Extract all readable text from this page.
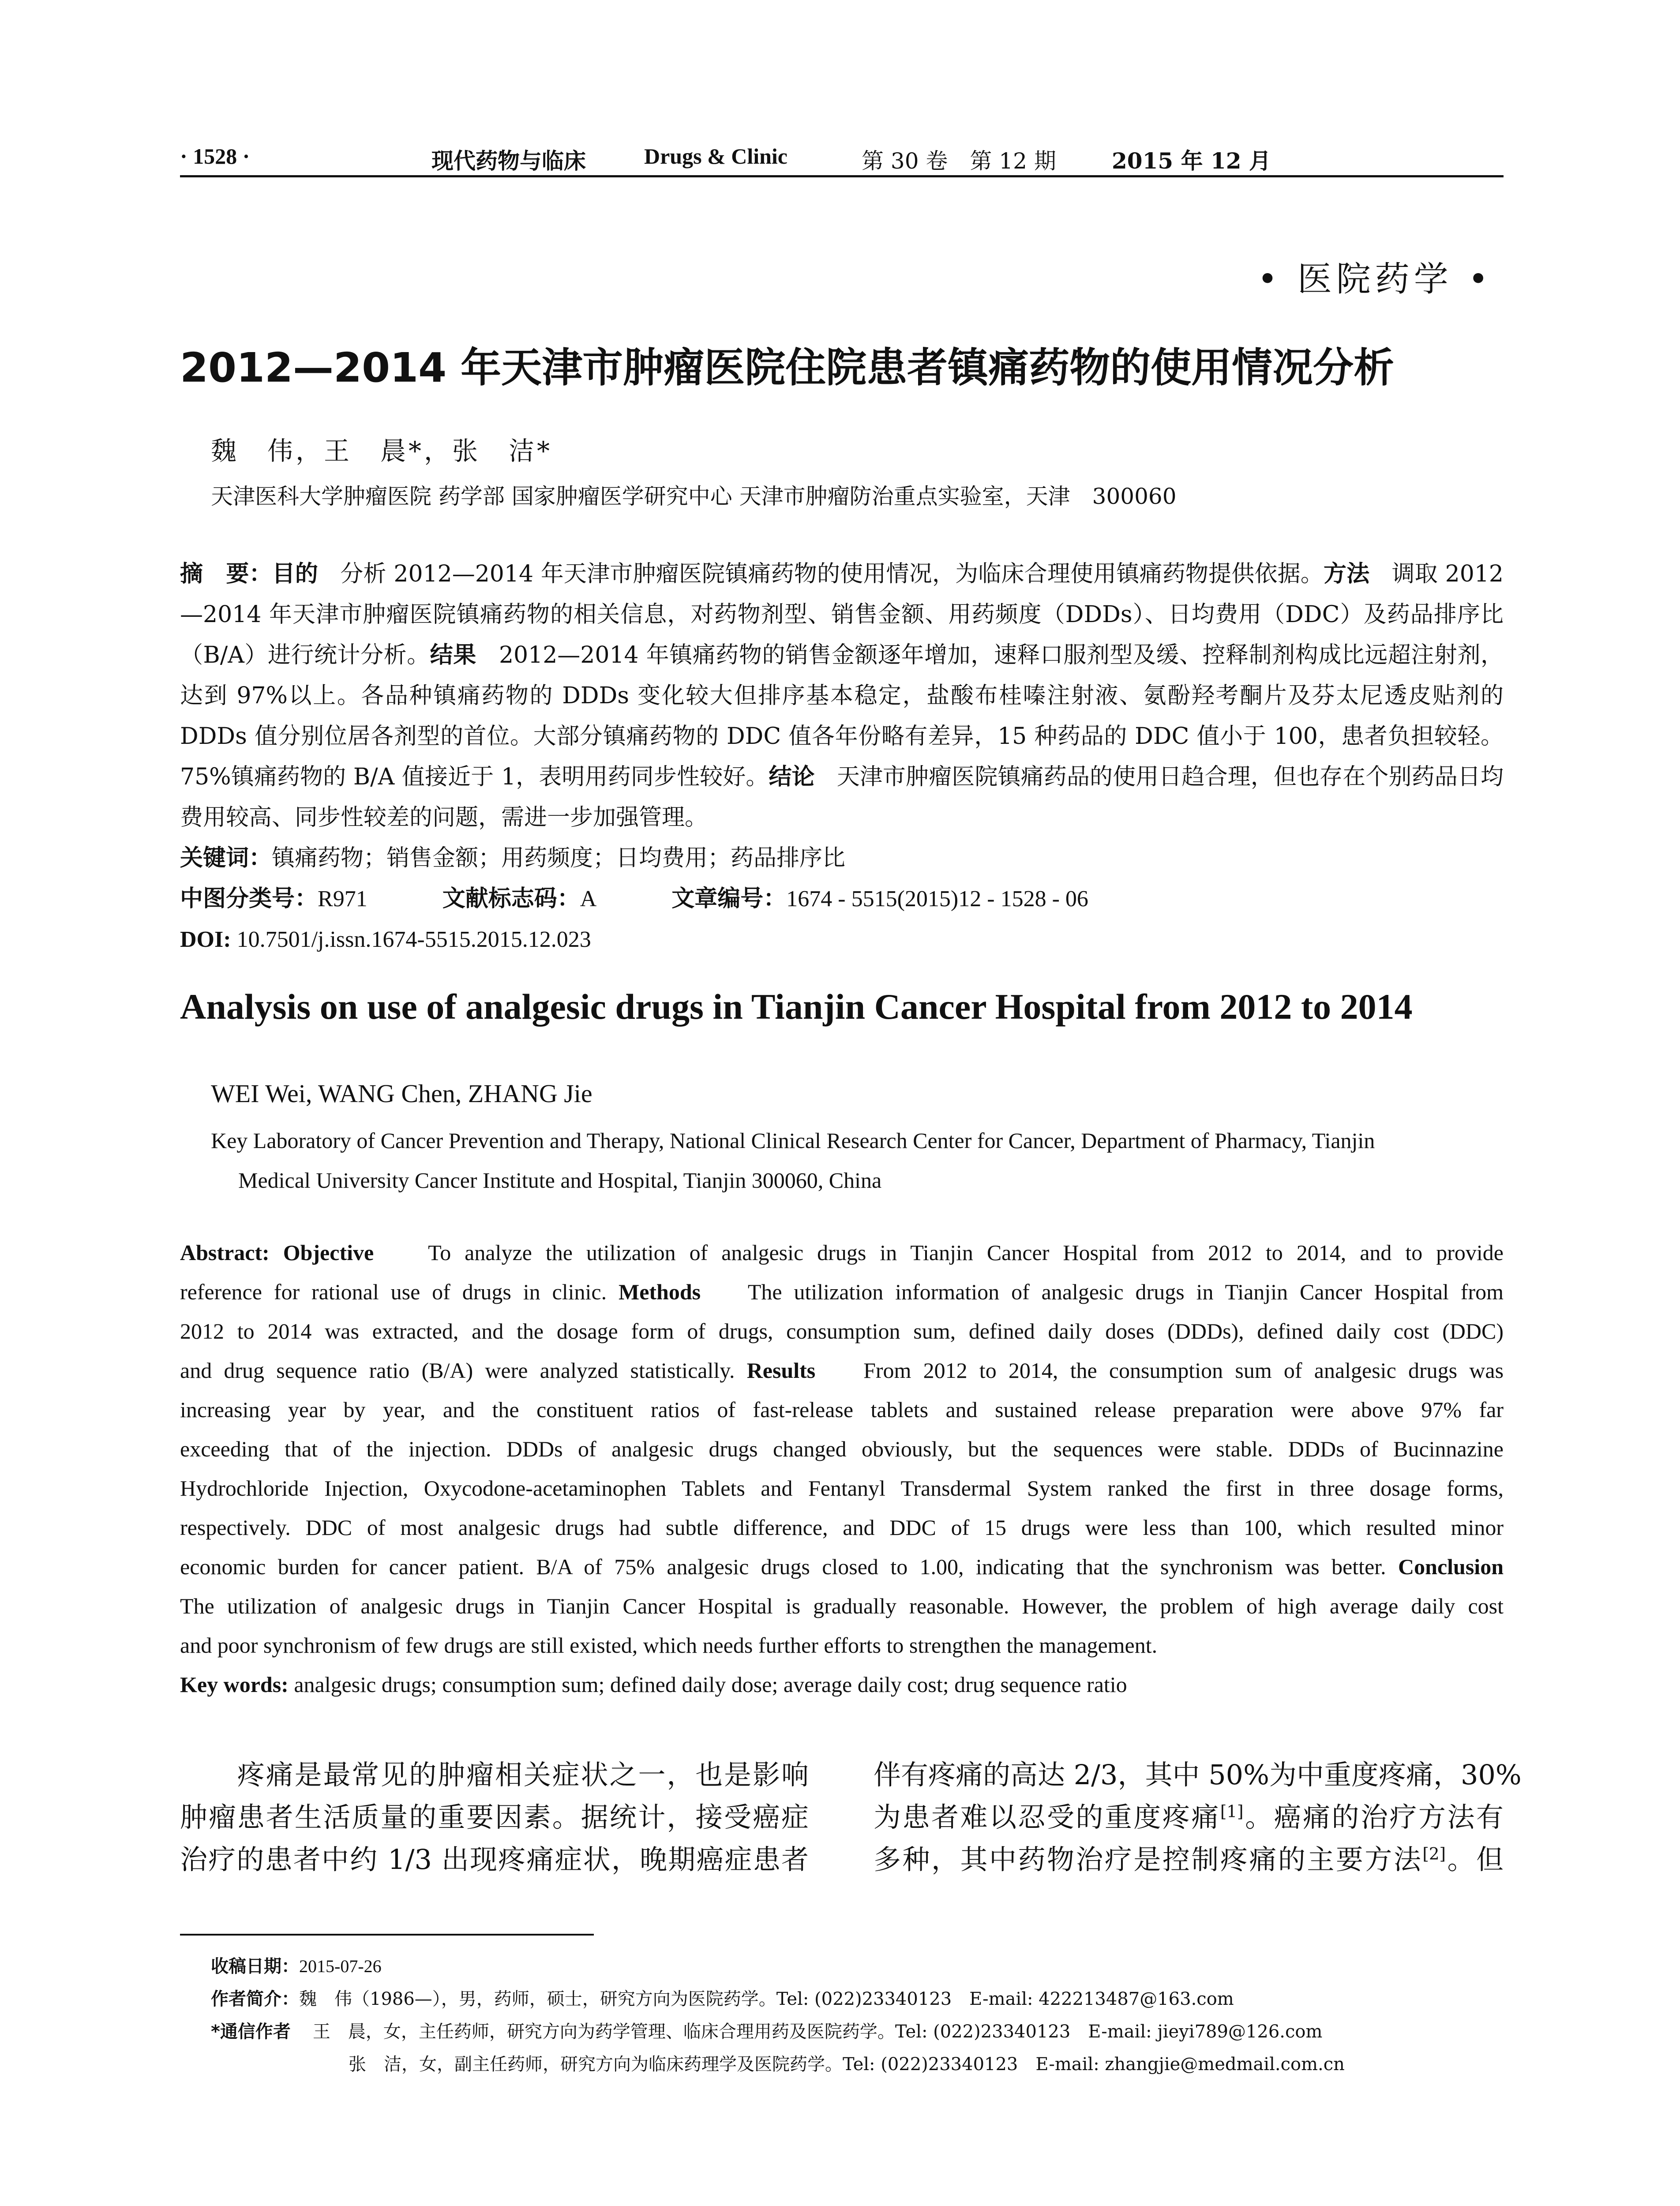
· 1528 ·	现代药物与临床	Drugs & Clinic	第 30 卷　第 12 期	2015 年 12 月
• 医院药学 •
2012—2014 年天津市肿瘤医院住院患者镇痛药物的使用情况分析
魏　伟，王　晨*，张　洁*
天津医科大学肿瘤医院 药学部 国家肿瘤医学研究中心 天津市肿瘤防治重点实验室，天津　300060

摘　要：目的 分析 2012—2014 年天津市肿瘤医院镇痛药物的使用情况，为临床合理使用镇痛药物提供依据。方法 调取 2012—2014 年天津市肿瘤医院镇痛药物的相关信息，对药物剂型、销售金额、用药频度（DDDs）、日均费用（DDC）及药品排序比（B/A）进行统计分析。结果 2012—2014 年镇痛药物的销售金额逐年增加，速释口服剂型及缓、控释制剂构成比远超注射剂，达到 97%以上。各品种镇痛药物的 DDDs 变化较大但排序基本稳定，盐酸布桂嗪注射液、氨酚羟考酮片及芬太尼透皮贴剂的 DDDs 值分别位居各剂型的首位。大部分镇痛药物的 DDC 值各年份略有差异，15 种药品的 DDC 值小于 100，患者负担较轻。75%镇痛药物的 B/A 值接近于 1，表明用药同步性较好。结论 天津市肿瘤医院镇痛药品的使用日趋合理，但也存在个别药品日均费用较高、同步性较差的问题，需进一步加强管理。

关键词：镇痛药物；销售金额；用药频度；日均费用；药品排序比
中图分类号：R971	文献标志码：A	文章编号：1674 - 5515(2015)12 - 1528 - 06
DOI: 10.7501/j.issn.1674-5515.2015.12.023
Analysis on use of analgesic drugs in Tianjin Cancer Hospital from 2012 to 2014
WEI Wei, WANG Chen, ZHANG Jie
Key Laboratory of Cancer Prevention and Therapy, National Clinical Research Center for Cancer, Department of Pharmacy, Tianjin
Medical University Cancer Institute and Hospital, Tianjin 300060, China
Abstract: Objective To analyze the utilization of analgesic drugs in Tianjin Cancer Hospital from 2012 to 2014, and to provide
reference for rational use of drugs in clinic. Methods The utilization information of analgesic drugs in Tianjin Cancer Hospital from
2012 to 2014 was extracted, and the dosage form of drugs, consumption sum, defined daily doses (DDDs), defined daily cost (DDC)
and drug sequence ratio (B/A) were analyzed statistically. Results From 2012 to 2014, the consumption sum of analgesic drugs was
increasing year by year, and the constituent ratios of fast-release tablets and sustained release preparation were above 97% far
exceeding that of the injection. DDDs of analgesic drugs changed obviously, but the sequences were stable. DDDs of Bucinnazine
Hydrochloride Injection, Oxycodone-acetaminophen Tablets and Fentanyl Transdermal System ranked the first in three dosage forms,
respectively. DDC of most analgesic drugs had subtle difference, and DDC of 15 drugs were less than 100, which resulted minor
economic burden for cancer patient. B/A of 75% analgesic drugs closed to 1.00, indicating that the synchronism was better. Conclusion
The utilization of analgesic drugs in Tianjin Cancer Hospital is gradually reasonable. However, the problem of high average daily cost
and poor synchronism of few drugs are still existed, which needs further efforts to strengthen the management.
Key words: analgesic drugs; consumption sum; defined daily dose; average daily cost; drug sequence ratio
　　疼痛是最常见的肿瘤相关症状之一，也是影响
肿瘤患者生活质量的重要因素。据统计，接受癌症
治疗的患者中约 1/3 出现疼痛症状，晚期癌症患者
伴有疼痛的高达 2/3，其中 50%为中重度疼痛，30%
为患者难以忍受的重度疼痛[1]。癌痛的治疗方法有
多种，其中药物治疗是控制疼痛的主要方法[2]。但
收稿日期：2015-07-26
作者简介：魏　伟（1986—），男，药师，硕士，研究方向为医院药学。Tel: (022)23340123　E-mail: 422213487@163.com
*通信作者 王　晨，女，主任药师，研究方向为药学管理、临床合理用药及医院药学。Tel: (022)23340123　E-mail: jieyi789@126.com
张　洁，女，副主任药师，研究方向为临床药理学及医院药学。Tel: (022)23340123　E-mail: zhangjie@medmail.com.cn
